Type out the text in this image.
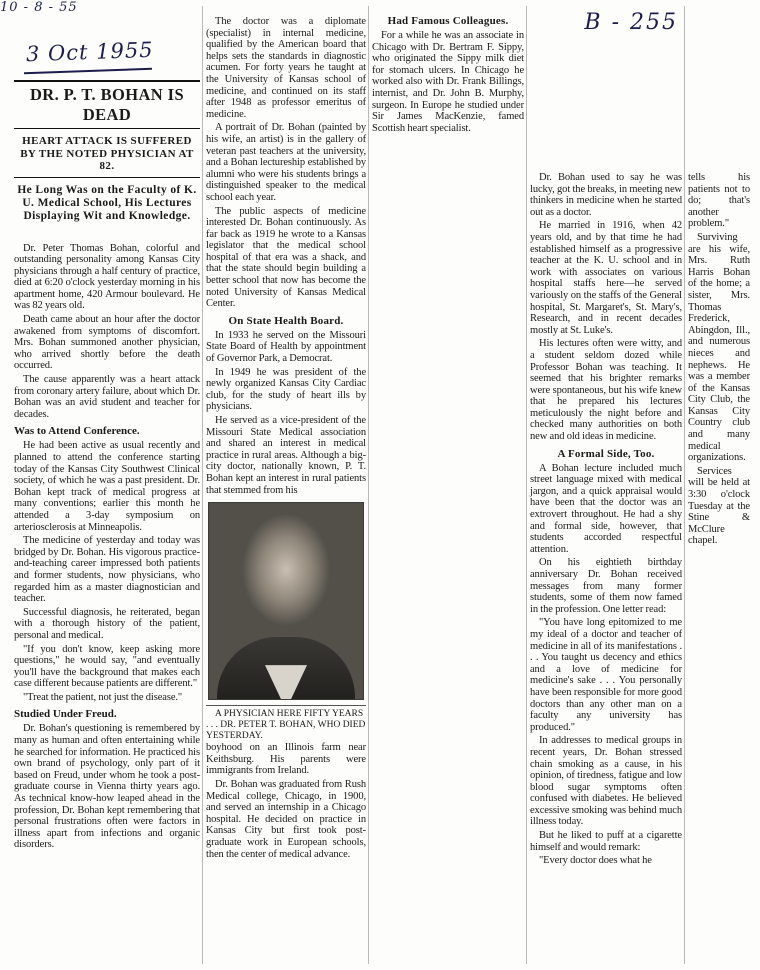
3 Oct 1955
B - 255
10 - 8 - 55
DR. P. T. BOHAN IS DEAD
HEART ATTACK IS SUFFERED BY THE NOTED PHYSICIAN AT 82.
He Long Was on the Faculty of K. U. Medical School, His Lectures Displaying Wit and Knowledge.

Dr. Peter Thomas Bohan, colorful and outstanding personality among Kansas City physicians through a half century of practice, died at 6:20 o'clock yesterday morning in his apartment home, 420 Armour boulevard. He was 82 years old.

Death came about an hour after the doctor awakened from symptoms of discomfort. Mrs. Bohan summoned another physician, who arrived shortly before the death occurred.

The cause apparently was a heart attack from coronary artery failure, about which Dr. Bohan was an avid student and teacher for decades.

Was to Attend Conference.

He had been active as usual recently and planned to attend the conference starting today of the Kansas City Southwest Clinical society, of which he was a past president. Dr. Bohan kept track of medical progress at many conventions; earlier this month he attended a 3-day symposium on arteriosclerosis at Minneapolis.

The medicine of yesterday and today was bridged by Dr. Bohan. His vigorous practice-and-teaching career impressed both patients and former students, now physicians, who regarded him as a master diagnostician and teacher.

Successful diagnosis, he reiterated, began with a thorough history of the patient, personal and medical.

"If you don't know, keep asking more questions," he would say, "and eventually you'll have the background that makes each case different because patients are different."

"Treat the patient, not just the disease."

Studied Under Freud.

Dr. Bohan's questioning is remembered by many as human and often entertaining while he searched for information. He practiced his own brand of psychology, only part of it based on Freud, under whom he took a post-graduate course in Vienna thirty years ago. As technical know-how leaped ahead in the profession, Dr. Bohan kept remembering that personal frustrations often were factors in illness apart from infections and organic disorders.

The doctor was a diplomate (specialist) in internal medicine, qualified by the American board that helps sets the standards in diagnostic acumen. For forty years he taught at the University of Kansas school of medicine, and continued on its staff after 1948 as professor emeritus of medicine.

A portrait of Dr. Bohan (painted by his wife, an artist) is in the gallery of veteran past teachers at the university, and a Bohan lectureship established by alumni who were his students brings a distinguished speaker to the medical school each year.

The public aspects of medicine interested Dr. Bohan continuously. As far back as 1919 he wrote to a Kansas legislator that the medical school hospital of that era was a shack, and that the state should begin building a better school that now has become the noted University of Kansas Medical Center.

On State Health Board.

In 1933 he served on the Missouri State Board of Health by appointment of Governor Park, a Democrat.

In 1949 he was president of the newly organized Kansas City Cardiac club, for the study of heart ills by physicians.

He served as a vice-president of the Missouri State Medical association and shared an interest in medical practice in rural areas. Although a big-city doctor, nationally known, P. T. Bohan kept an interest in rural patients that stemmed from his

A PHYSICIAN HERE FIFTY YEARS . . . DR. PETER T. BOHAN, WHO DIED YESTERDAY.

boyhood on an Illinois farm near Keithsburg. His parents were immigrants from Ireland.

Dr. Bohan was graduated from Rush Medical college, Chicago, in 1900, and served an internship in a Chicago hospital. He decided on practice in Kansas City but first took post-graduate work in European schools, then the center of medical advance.

Had Famous Colleagues.

For a while he was an associate in Chicago with Dr. Bertram F. Sippy, who originated the Sippy milk diet for stomach ulcers. In Chicago he worked also with Dr. Frank Billings, internist, and Dr. John B. Murphy, surgeon. In Europe he studied under Sir James MacKenzie, famed Scottish heart specialist.

Dr. Bohan used to say he was lucky, got the breaks, in meeting new thinkers in medicine when he started out as a doctor.

He married in 1916, when 42 years old, and by that time he had established himself as a progressive teacher at the K. U. school and in work with associates on various hospital staffs here—he served variously on the staffs of the General hospital, St. Margaret's, St. Mary's, Research, and in recent decades mostly at St. Luke's.

His lectures often were witty, and a student seldom dozed while Professor Bohan was teaching. It seemed that his brighter remarks were spontaneous, but his wife knew that he prepared his lectures meticulously the night before and checked many authorities on both new and old ideas in medicine.

A Formal Side, Too.

A Bohan lecture included much street language mixed with medical jargon, and a quick appraisal would have been that the doctor was an extrovert throughout. He had a shy and formal side, however, that students accorded respectful attention.

On his eightieth birthday anniversary Dr. Bohan received messages from many former students, some of them now famed in the profession. One letter read:

"You have long epitomized to me my ideal of a doctor and teacher of medicine in all of its manifestations . . . You taught us decency and ethics and a love of medicine for medicine's sake . . . You personally have been responsible for more good doctors than any other man on a faculty any university has produced."

In addresses to medical groups in recent years, Dr. Bohan stressed chain smoking as a cause, in his opinion, of tiredness, fatigue and low blood sugar symptoms often confused with diabetes. He believed excessive smoking was behind much illness today.

But he liked to puff at a cigarette himself and would remark:

"Every doctor does what he

tells his patients not to do; that's another problem."

Surviving are his wife, Mrs. Ruth Harris Bohan of the home; a sister, Mrs. Thomas Frederick, Abingdon, Ill., and numerous nieces and nephews. He was a member of the Kansas City Club, the Kansas City Country club and many medical organizations.

Services will be held at 3:30 o'clock Tuesday at the Stine & McClure chapel.
